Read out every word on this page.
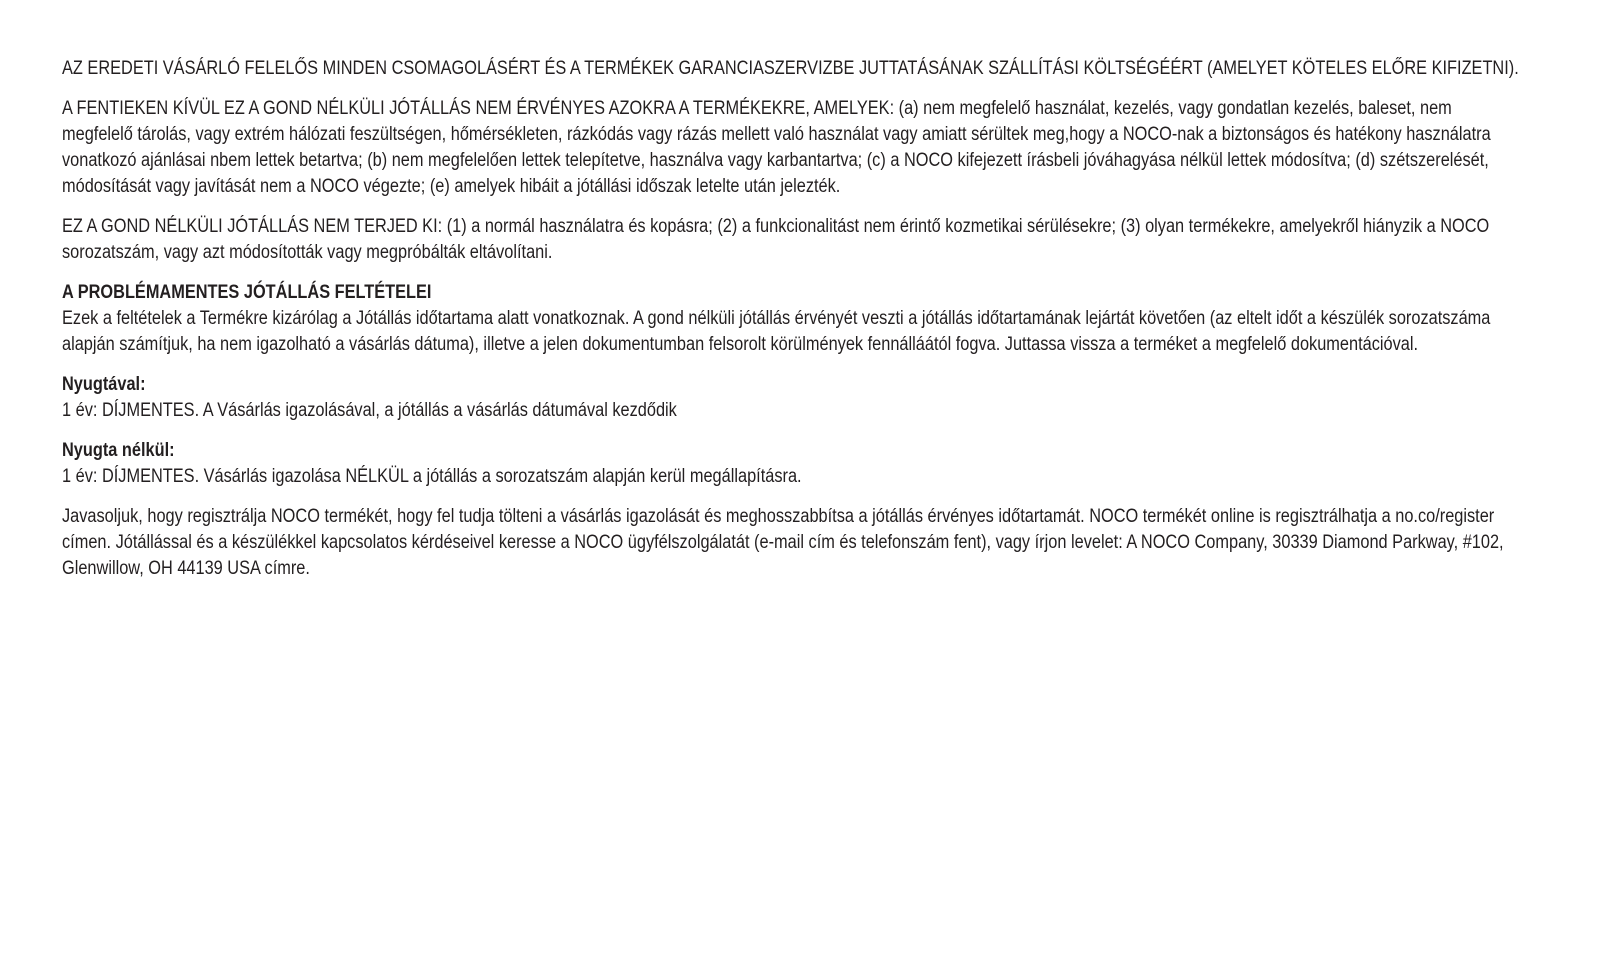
AZ EREDETI VÁSÁRLÓ FELELŐS MINDEN CSOMAGOLÁSÉRT ÉS A TERMÉKEK GARANCIASZERVIZBE JUTTATÁSÁNAK SZÁLLÍTÁSI KÖLTSÉGÉÉRT (AMELYET KÖTELES ELŐRE KIFIZETNI).

A FENTIEKEN KÍVÜL EZ A GOND NÉLKÜLI JÓTÁLLÁS NEM ÉRVÉNYES AZOKRA A TERMÉKEKRE, AMELYEK: (a) nem megfelelő használat, kezelés, vagy gondatlan kezelés, baleset, nem megfelelő tárolás, vagy extrém hálózati feszültségen, hőmérsékleten, rázkódás vagy rázás mellett való használat vagy amiatt sérültek meg,hogy a NOCO-nak a biztonságos és hatékony használatra vonatkozó ajánlásai nbem lettek betartva; (b) nem megfelelően lettek telepítetve, használva vagy karbantartva; (c) a NOCO kifejezett írásbeli jóváhagyása nélkül lettek módosítva; (d) szétszerelését, módosítását vagy javítását nem a NOCO végezte; (e) amelyek hibáit a jótállási időszak letelte után jelezték.

EZ A GOND NÉLKÜLI JÓTÁLLÁS NEM TERJED KI: (1) a normál használatra és kopásra; (2) a funkcionalitást nem érintő kozmetikai sérülésekre; (3) olyan termékekre, amelyekről hiányzik a NOCO sorozatszám, vagy azt módosították vagy megpróbálták eltávolítani.

A PROBLÉMAMENTES JÓTÁLLÁS FELTÉTELEI
Ezek a feltételek a Termékre kizárólag a Jótállás időtartama alatt vonatkoznak. A gond nélküli jótállás érvényét veszti a jótállás időtartamának lejártát követően (az eltelt időt a készülék sorozatszáma alapján számítjuk, ha nem igazolható a vásárlás dátuma), illetve a jelen dokumentumban felsorolt körülmények fennálláától fogva. Juttassa vissza a terméket a megfelelő dokumentációval.
Nyugtával:
1 év: DÍJMENTES. A Vásárlás igazolásával, a jótállás a vásárlás dátumával kezdődik
Nyugta nélkül:
1 év: DÍJMENTES. Vásárlás igazolása NÉLKÜL a jótállás a sorozatszám alapján kerül megállapításra.

Javasoljuk, hogy regisztrálja NOCO termékét, hogy fel tudja tölteni a vásárlás igazolását és meghosszabbítsa a jótállás érvényes időtartamát. NOCO termékét online is regisztrálhatja a no.co/register címen. Jótállással és a készülékkel kapcsolatos kérdéseivel keresse a NOCO ügyfélszolgálatát (e-mail cím és telefonszám fent), vagy írjon levelet: A NOCO Company, 30339 Diamond Parkway, #102, Glenwillow, OH 44139 USA címre.
